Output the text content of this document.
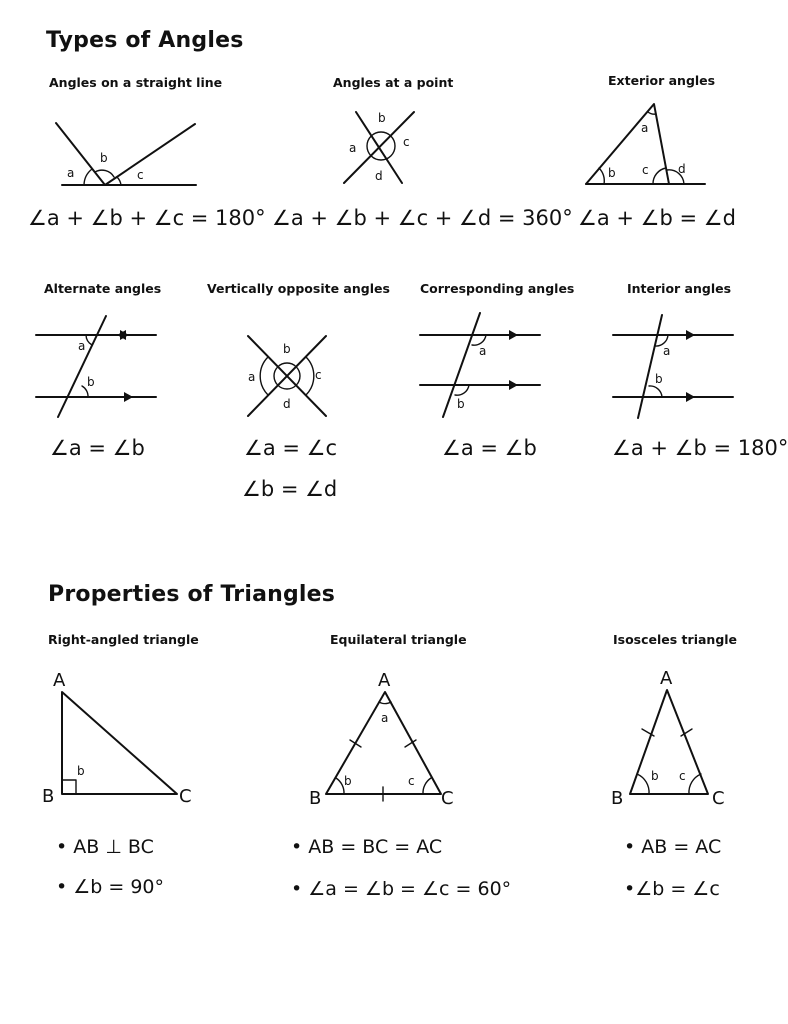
Types of Angles
Angles on a straight line
a
b
c
∠a + ∠b + ∠c = 180°
Angles at a point
a
b
c
d
∠a + ∠b + ∠c + ∠d = 360°
Exterior angles
a
b c d
∠a + ∠b = ∠d
Alternate angles
a
b
∠a = ∠b
Vertically opposite angles
a
b
c
d
∠a = ∠c
∠b = ∠d
Corresponding angles
a
b
∠a = ∠b
Interior angles
a
b
∠a + ∠b = 180°
Properties of Triangles
Right-angled triangle
A
B	C
b
• AB ⊥ BC
• ∠b = 90°
Equilateral triangle
A
B	C
a
b	c
• AB = BC = AC
• ∠a = ∠b = ∠c = 60°
Isosceles triangle
A
B	C
b c
• AB = AC
•∠b = ∠c
